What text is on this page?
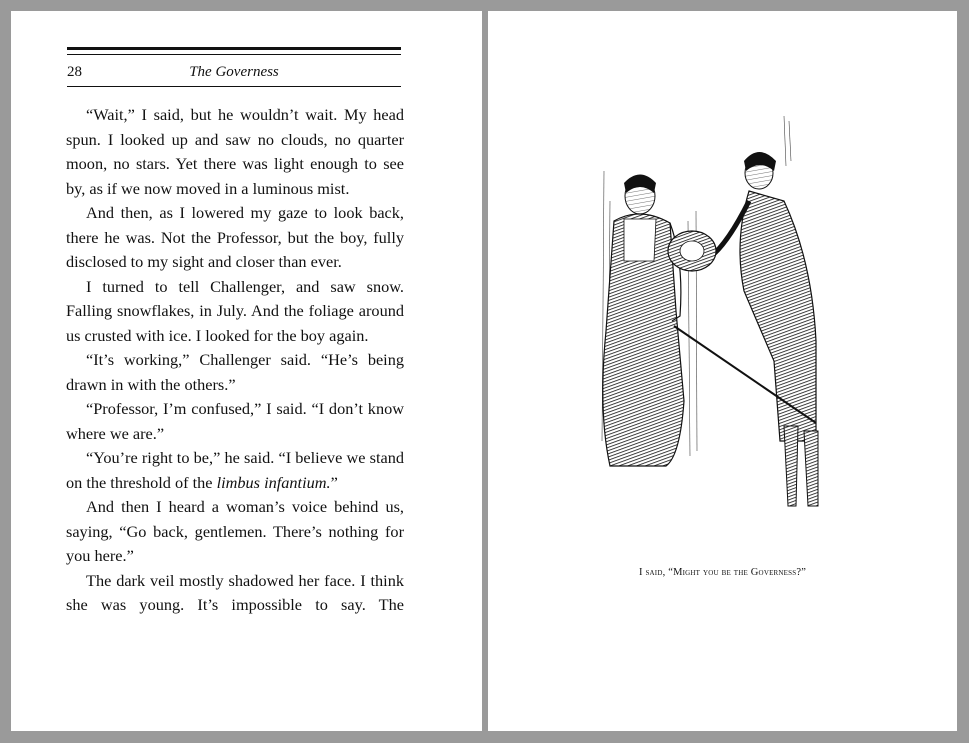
28	The Governess

“Wait,” I said, but he wouldn’t wait. My head spun. I looked up and saw no clouds, no quarter moon, no stars. Yet there was light enough to see by, as if we now moved in a luminous mist.

And then, as I lowered my gaze to look back, there he was. Not the Professor, but the boy, fully disclosed to my sight and closer than ever.

I turned to tell Challenger, and saw snow. Falling snowflakes, in July. And the foliage around us crusted with ice. I looked for the boy again.

“It’s working,” Challenger said. “He’s being drawn in with the others.”

“Professor, I’m confused,” I said. “I don’t know where we are.”

“You’re right to be,” he said. “I believe we stand on the threshold of the limbus infantium.”

And then I heard a woman’s voice behind us, saying, “Go back, gentlemen. There’s nothing for you here.”

The dark veil mostly shadowed her face. I think she was young. It’s impossible to say. The

I said, “Might you be the Governess?”
